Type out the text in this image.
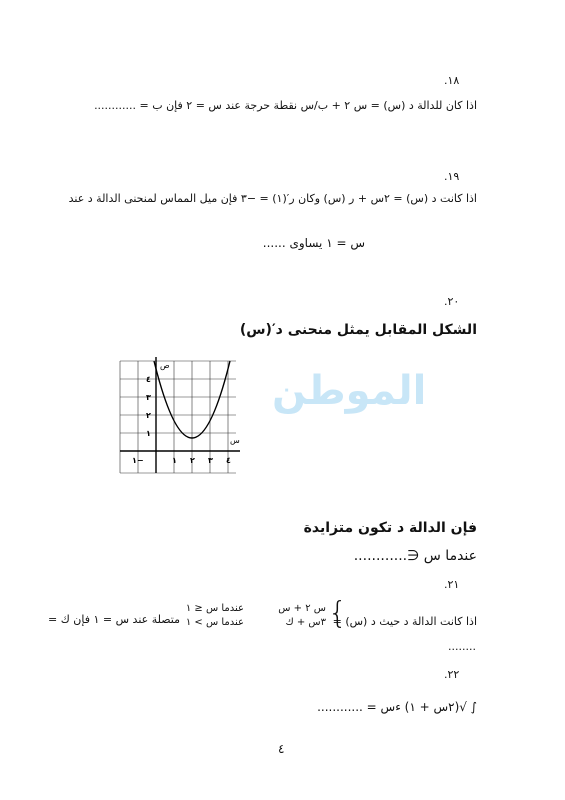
.١٨
اذا كان للدالة د (س) = س ٢ + ب/س نقطة حرجة عند س = ٢ فإن ب = ............
.١٩
اذا كانت د (س) = ٢س + ر (س) وكان ر′(١) = −٣ فإن ميل المماس لمنحنى الدالة د عند
س = ١ يساوى ......
.٢٠
الشكل المقابل يمثل منحنى د′(س)
الموطن
ص
س
٤
٣
٢
١
١−	١ ٢ ٣ ٤
فإن الدالة د تكون متزايدة
عندما س ∈............
.٢١
اذا كانت الدالة د حيث د (س) =
{
س ٢ + س
٣س + ك
عندما س ≤ ١
عندما س > ١
متصلة عند س = ١ فإن ك =
........
.٢٢
∫ √(٢س + ١) ءس = ............
٤
